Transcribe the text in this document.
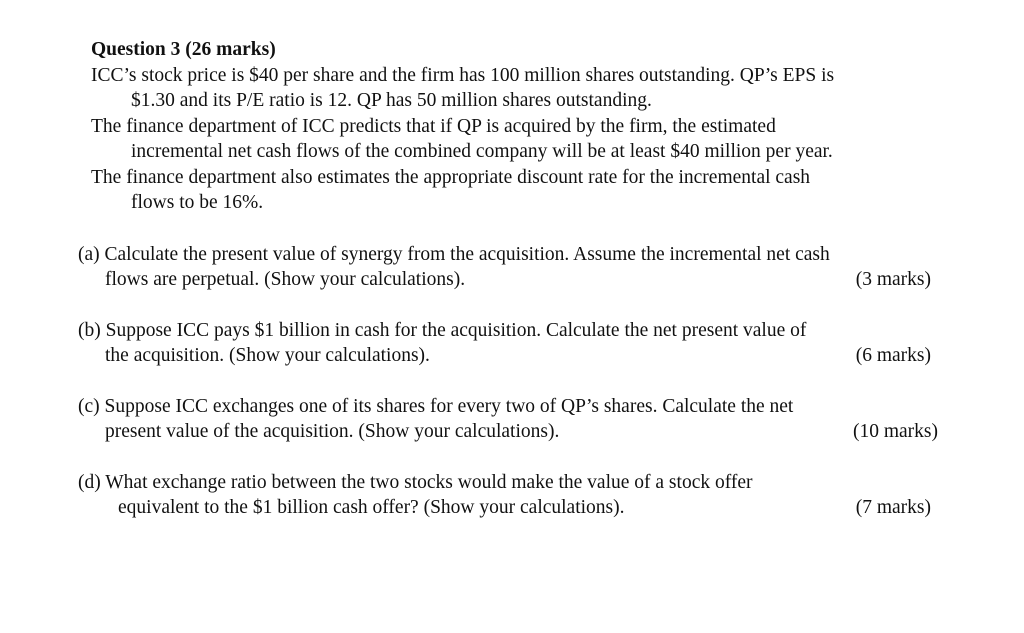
Question 3 (26 marks)

ICC’s stock price is $40 per share and the firm has 100 million shares outstanding. QP’s EPS is
$1.30 and its P/E ratio is 12. QP has 50 million shares outstanding.

The finance department of ICC predicts that if QP is acquired by the firm, the estimated
incremental net cash flows of the combined company will be at least $40 million per year.

The finance department also estimates the appropriate discount rate for the incremental cash
flows to be 16%.

(a) Calculate the present value of synergy from the acquisition. Assume the incremental net cash
flows are perpetual. (Show your calculations).	(3 marks)
(b) Suppose ICC pays $1 billion in cash for the acquisition. Calculate the net present value of
the acquisition. (Show your calculations).	(6 marks)
(c) Suppose ICC exchanges one of its shares for every two of QP’s shares. Calculate the net
present value of the acquisition. (Show your calculations).	(10 marks)
(d) What exchange ratio between the two stocks would make the value of a stock offer
equivalent to the $1 billion cash offer? (Show your calculations).	(7 marks)
